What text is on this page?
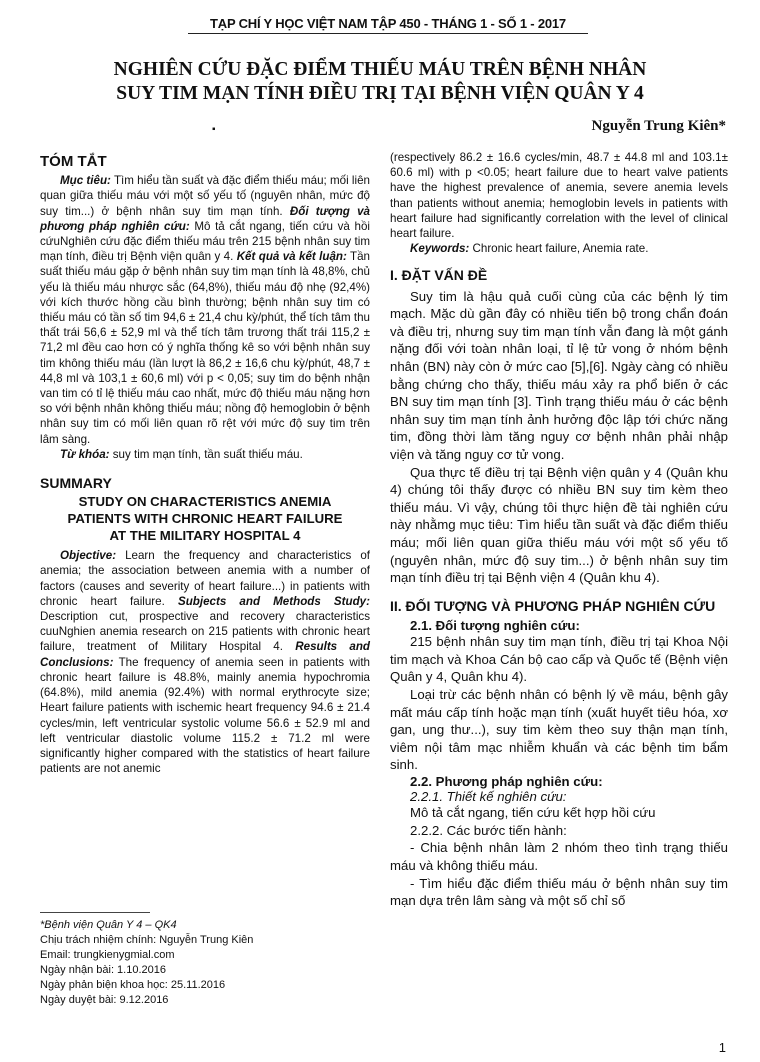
TẠP CHÍ Y HỌC VIỆT NAM TẬP 450 - THÁNG 1 - SỐ 1 - 2017
NGHIÊN CỨU ĐẶC ĐIỂM THIẾU MÁU TRÊN BỆNH NHÂN
SUY TIM MẠN TÍNH ĐIỀU TRỊ TẠI BỆNH VIỆN QUÂN Y 4
▪	Nguyễn Trung Kiên*
TÓM TẮT

Mục tiêu: Tìm hiểu tần suất và đặc điểm thiếu máu; mối liên quan giữa thiếu máu với một số yếu tố (nguyên nhân, mức độ suy tim...) ở bệnh nhân suy tim mạn tính. Đối tượng và phương pháp nghiên cứu: Mô tả cắt ngang, tiến cứu và hồi cứuNghiên cứu đặc điểm thiếu máu trên 215 bệnh nhân suy tim mạn tính, điều trị Bệnh viện quân y 4. Kết quả và kết luận: Tần suất thiếu máu gặp ở bệnh nhân suy tim mạn tính là 48,8%, chủ yếu là thiếu máu nhược sắc (64,8%), thiếu máu độ nhẹ (92,4%) với kích thước hồng cầu bình thường; bệnh nhân suy tim có thiếu máu có tần số tim 94,6 ± 21,4 chu kỳ/phút, thể tích tâm thu thất trái 56,6 ± 52,9 ml và thể tích tâm trương thất trái 115,2 ± 71,2 ml đều cao hơn có ý nghĩa thống kê so với bệnh nhân suy tim không thiếu máu (lần lượt là 86,2 ± 16,6 chu kỳ/phút, 48,7 ± 44,8 ml và 103,1 ± 60,6 ml) với p < 0,05; suy tim do bệnh nhận van tim có tỉ lệ thiếu máu cao nhất, mức độ thiếu máu nặng hơn so với bệnh nhân không thiếu máu; nồng độ hemoglobin ở bệnh nhân suy tim có mối liên quan rõ rệt với mức độ suy tim trên lâm sàng.

Từ khóa: suy tim mạn tính, tần suất thiếu máu.

SUMMARY
STUDY ON CHARACTERISTICS ANEMIA
PATIENTS WITH CHRONIC HEART FAILURE
AT THE MILITARY HOSPITAL 4

Objective: Learn the frequency and characteristics of anemia; the association between anemia with a number of factors (causes and severity of heart failure...) in patients with chronic heart failure. Subjects and Methods Study: Description cut, prospective and recovery characteristics cuuNghien anemia research on 215 patients with chronic heart failure, treatment of Military Hospital 4. Results and Conclusions: The frequency of anemia seen in patients with chronic heart failure is 48.8%, mainly anemia hypochromia (64.8%), mild anemia (92.4%) with normal erythrocyte size; Heart failure patients with ischemic heart frequency 94.6 ± 21.4 cycles/min, left ventricular systolic volume 56.6 ± 52.9 ml and left ventricular diastolic volume 115.2 ± 71.2 ml were significantly higher compared with the statistics of heart failure patients are not anemic

*Bệnh viện Quân Y 4 – QK4
Chịu trách nhiệm chính: Nguyễn Trung Kiên
Email: trungkienygmial.com
Ngày nhận bài: 1.10.2016
Ngày phản biện khoa học: 25.11.2016
Ngày duyệt bài: 9.12.2016

(respectively 86.2 ± 16.6 cycles/min, 48.7 ± 44.8 ml and 103.1± 60.6 ml) with p <0.05; heart failure due to heart valve patients have the highest prevalence of anemia, severe anemia levels than patients without anemia; hemoglobin levels in patients with heart failure had significantly correlation with the level of clinical heart failure.

Keywords: Chronic heart failure, Anemia rate.

I. ĐẶT VẤN ĐỀ

Suy tim là hậu quả cuối cùng của các bệnh lý tim mạch. Mặc dù gần đây có nhiều tiến bộ trong chẩn đoán và điều trị, nhưng suy tim mạn tính vẫn đang là một gánh nặng đối với toàn nhân loại, tỉ lệ tử vong ở nhóm bệnh nhân (BN) này còn ở mức cao [5],[6]. Ngày càng có nhiều bằng chứng cho thấy, thiếu máu xảy ra phổ biến ở các BN suy tim mạn tính [3]. Tình trạng thiếu máu ở các bệnh nhân suy tim mạn tính ảnh hưởng độc lập tới chức năng tim, đồng thời làm tăng nguy cơ bệnh nhân phải nhập viện và tăng nguy cơ tử vong.

Qua thực tế điều trị tại Bệnh viện quân y 4 (Quân khu 4) chúng tôi thấy được có nhiều BN suy tim kèm theo thiếu máu. Vì vậy, chúng tôi thực hiện đề tài nghiên cứu này nhằmg mục tiêu: Tìm hiểu tần suất và đặc điểm thiếu máu; mối liên quan giữa thiếu máu với một số yếu tố (nguyên nhân, mức độ suy tim...) ở bệnh nhân suy tim mạn tính điều trị tại Bệnh viện 4 (Quân khu 4).

II. ĐỐI TƯỢNG VÀ PHƯƠNG PHÁP NGHIÊN CỨU

2.1. Đối tượng nghiên cứu:

215 bệnh nhân suy tim mạn tính, điều trị tại Khoa Nội tim mạch và Khoa Cán bộ cao cấp và Quốc tế (Bệnh viện Quân y 4, Quân khu 4).

Loại trừ các bệnh nhân có bệnh lý về máu, bệnh gây mất máu cấp tính hoặc mạn tính (xuất huyết tiêu hóa, xơ gan, ung thư...), suy tim kèm theo suy thận mạn tính, viêm nội tâm mạc nhiễm khuẩn và các bệnh tim bẩm sinh.

2.2. Phương pháp nghiên cứu:

2.2.1. Thiết kế nghiên cứu:

Mô tả cắt ngang, tiến cứu kết hợp hồi cứu

2.2.2. Các bước tiến hành:

- Chia bệnh nhân làm 2 nhóm theo tình trạng thiếu máu và không thiếu máu.

- Tìm hiểu đặc điểm thiếu máu ở bệnh nhân suy tim mạn dựa trên lâm sàng và một số chỉ số

1
